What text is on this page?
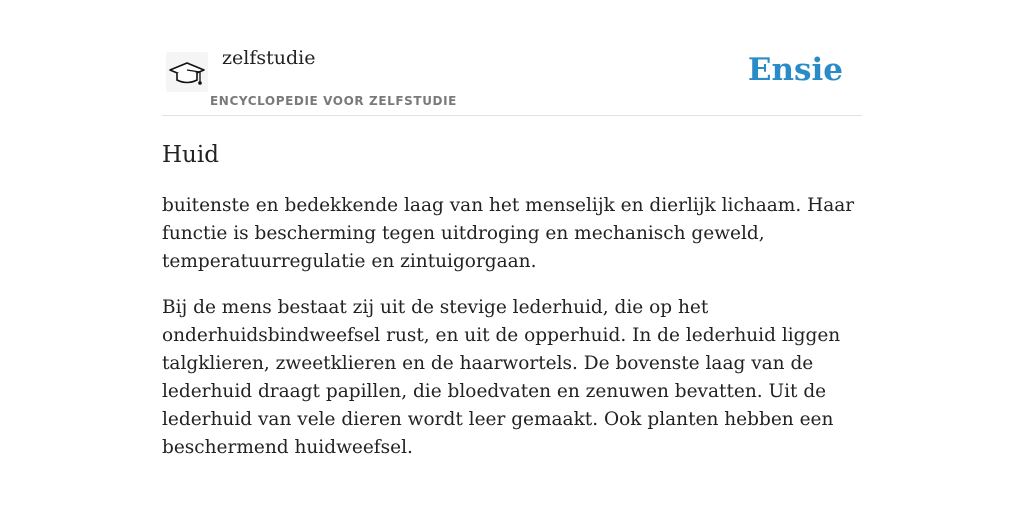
zelfstudie
ENCYCLOPEDIE VOOR ZELFSTUDIE
Ensie
Huid

buitenste en bedekkende laag van het menselijk en dierlijk lichaam. Haar functie is bescherming tegen uitdroging en mechanisch geweld, temperatuurregulatie en zintuigorgaan.

Bij de mens bestaat zij uit de stevige lederhuid, die op het onderhuidsbindweefsel rust, en uit de opperhuid. In de lederhuid liggen talgklieren, zweetklieren en de haarwortels. De bovenste laag van de lederhuid draagt papillen, die bloedvaten en zenuwen bevatten. Uit de lederhuid van vele dieren wordt leer gemaakt. Ook planten hebben een beschermend huidweefsel.
